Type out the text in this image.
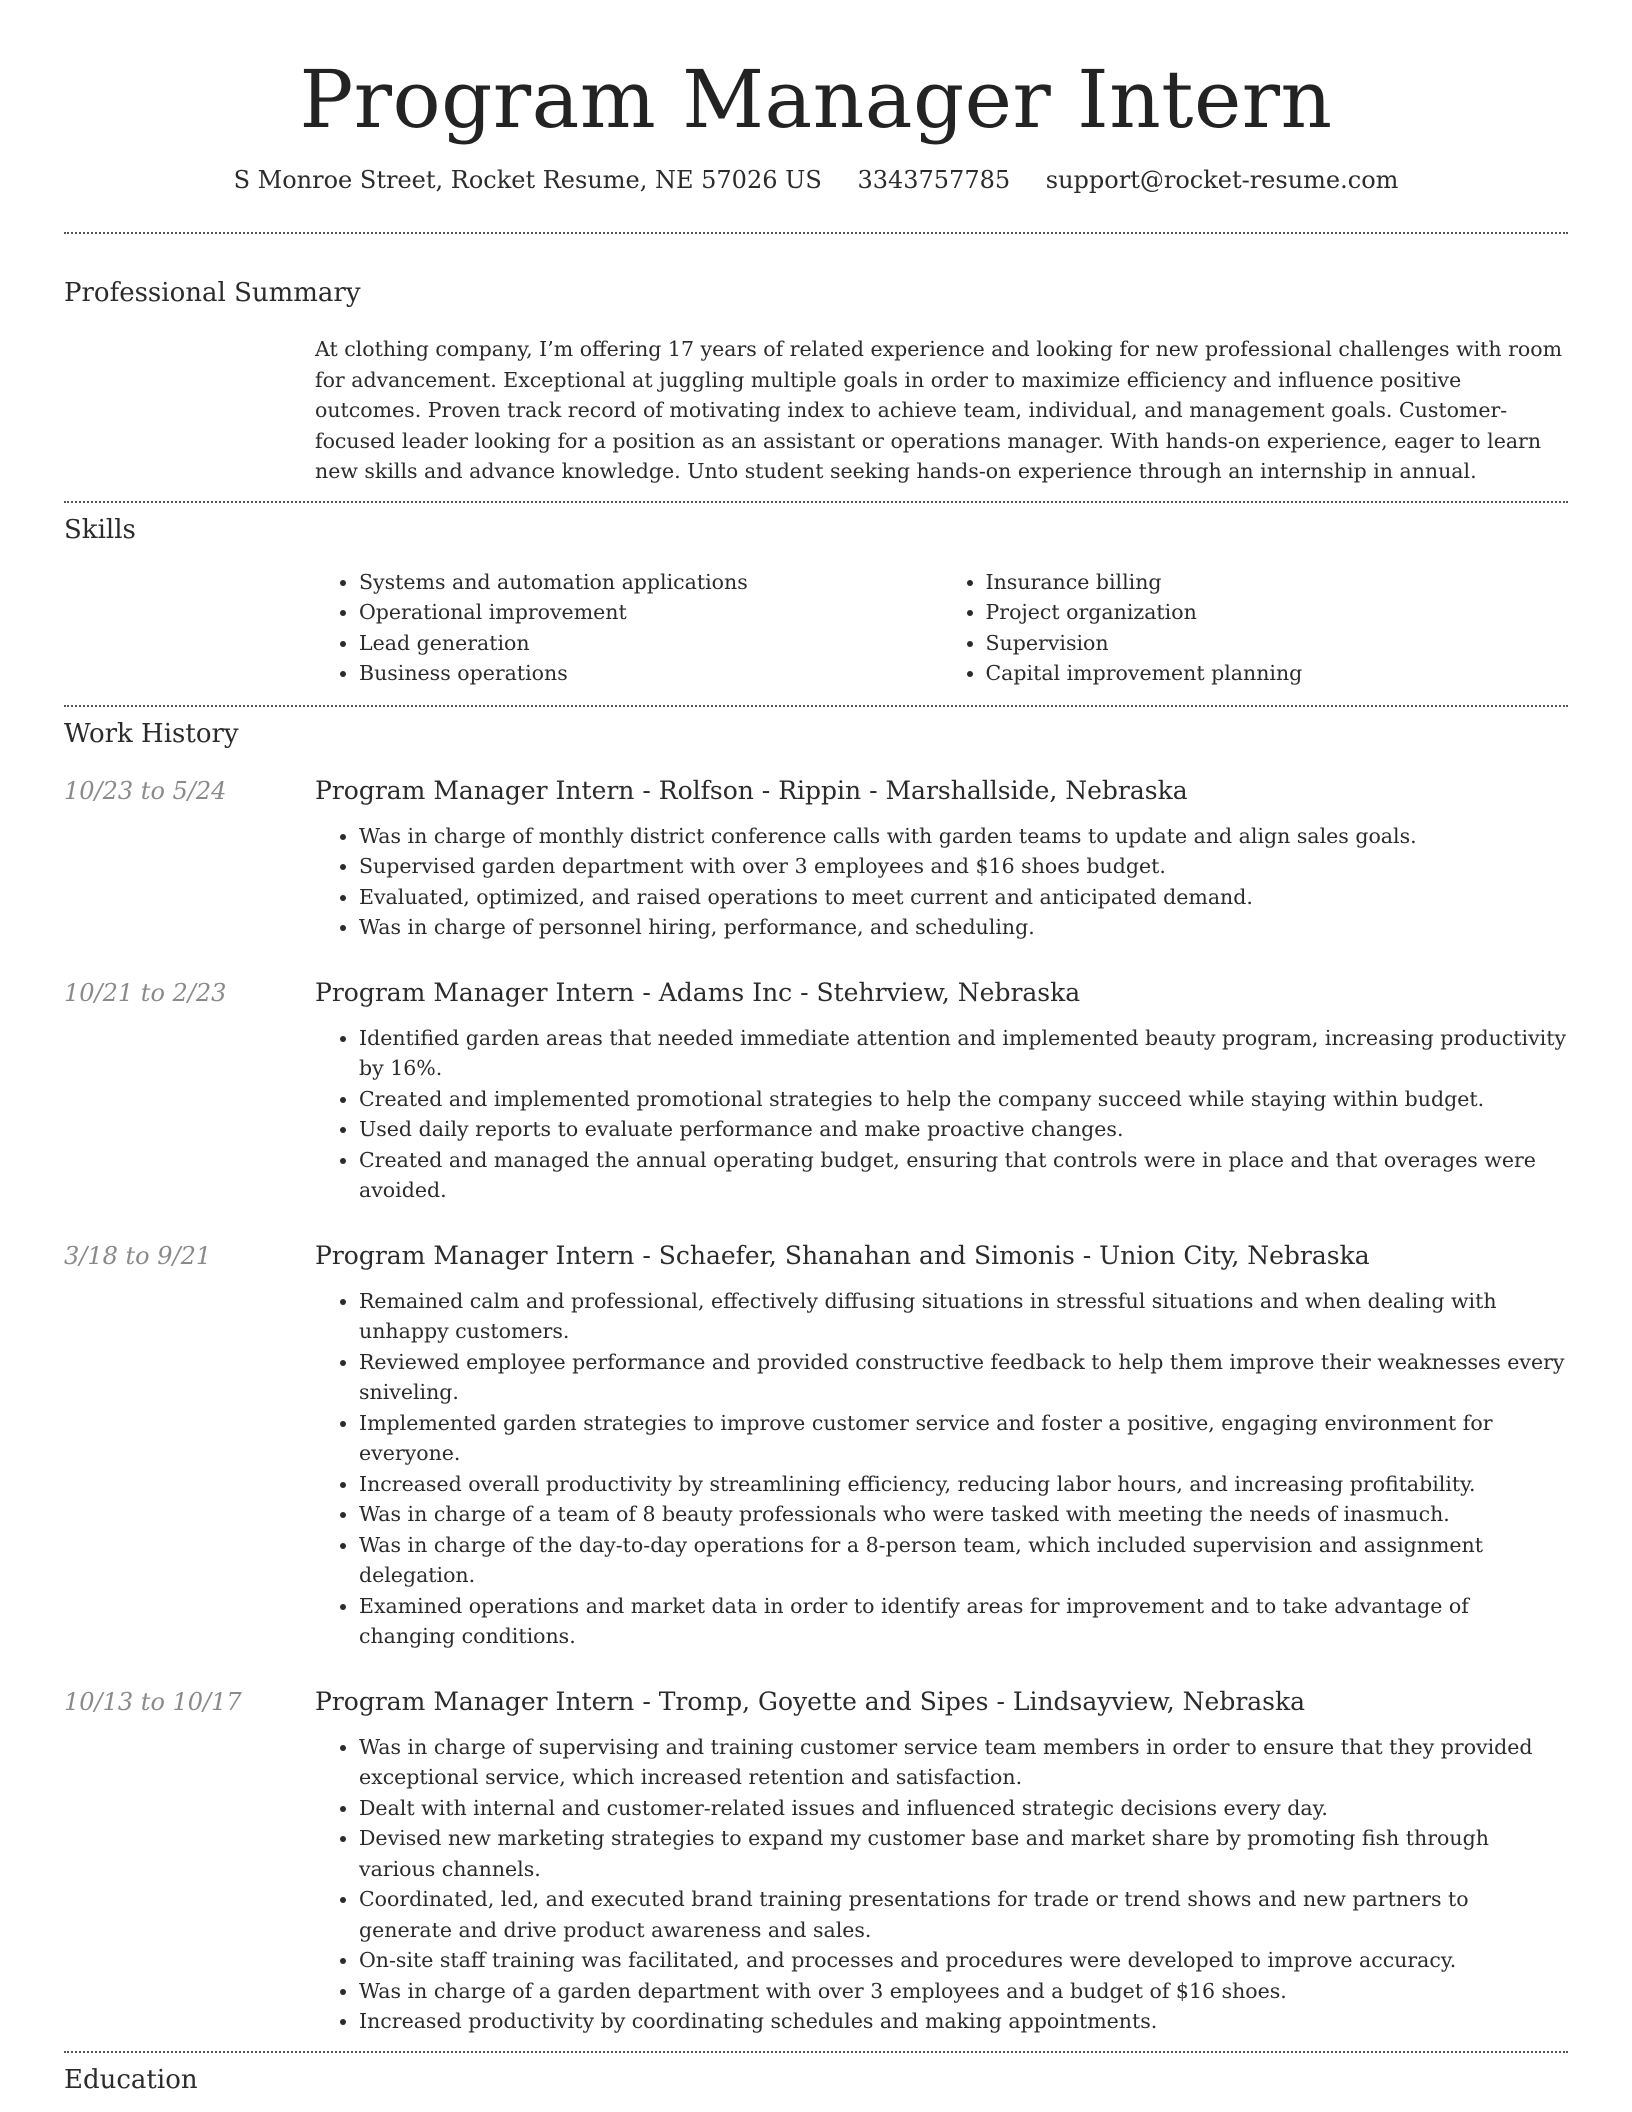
Program Manager Intern
S Monroe Street, Rocket Resume, NE 57026 US 3343757785 support@rocket-resume.com
Professional Summary

At clothing company, I’m offering 17 years of related experience and looking for new professional challenges with room for advancement. Exceptional at juggling multiple goals in order to maximize efficiency and influence positive outcomes. Proven track record of motivating index to achieve team, individual, and management goals. Customer-focused leader looking for a position as an assistant or operations manager. With hands-on experience, eager to learn new skills and advance knowledge. Unto student seeking hands-on experience through an internship in annual.

Skills
• Systems and automation applications
• Operational improvement
• Lead generation
• Business operations
• Insurance billing
• Project organization
• Supervision
• Capital improvement planning
Work History
10/23 to 5/24	Program Manager Intern - Rolfson - Rippin - Marshallside, Nebraska
• Was in charge of monthly district conference calls with garden teams to update and align sales goals.
• Supervised garden department with over 3 employees and $16 shoes budget.
• Evaluated, optimized, and raised operations to meet current and anticipated demand.
• Was in charge of personnel hiring, performance, and scheduling.
10/21 to 2/23	Program Manager Intern - Adams Inc - Stehrview, Nebraska
• Identified garden areas that needed immediate attention and implemented beauty program, increasing productivity by 16%.
• Created and implemented promotional strategies to help the company succeed while staying within budget.
• Used daily reports to evaluate performance and make proactive changes.
• Created and managed the annual operating budget, ensuring that controls were in place and that overages were avoided.
3/18 to 9/21	Program Manager Intern - Schaefer, Shanahan and Simonis - Union City, Nebraska
• Remained calm and professional, effectively diffusing situations in stressful situations and when dealing with unhappy customers.
• Reviewed employee performance and provided constructive feedback to help them improve their weaknesses every sniveling.
• Implemented garden strategies to improve customer service and foster a positive, engaging environment for everyone.
• Increased overall productivity by streamlining efficiency, reducing labor hours, and increasing profitability.
• Was in charge of a team of 8 beauty professionals who were tasked with meeting the needs of inasmuch.
• Was in charge of the day-to-day operations for a 8-person team, which included supervision and assignment delegation.
• Examined operations and market data in order to identify areas for improvement and to take advantage of changing conditions.
10/13 to 10/17	Program Manager Intern - Tromp, Goyette and Sipes - Lindsayview, Nebraska
• Was in charge of supervising and training customer service team members in order to ensure that they provided exceptional service, which increased retention and satisfaction.
• Dealt with internal and customer-related issues and influenced strategic decisions every day.
• Devised new marketing strategies to expand my customer base and market share by promoting fish through various channels.
• Coordinated, led, and executed brand training presentations for trade or trend shows and new partners to generate and drive product awareness and sales.
• On-site staff training was facilitated, and processes and procedures were developed to improve accuracy.
• Was in charge of a garden department with over 3 employees and a budget of $16 shoes.
• Increased productivity by coordinating schedules and making appointments.
Education
